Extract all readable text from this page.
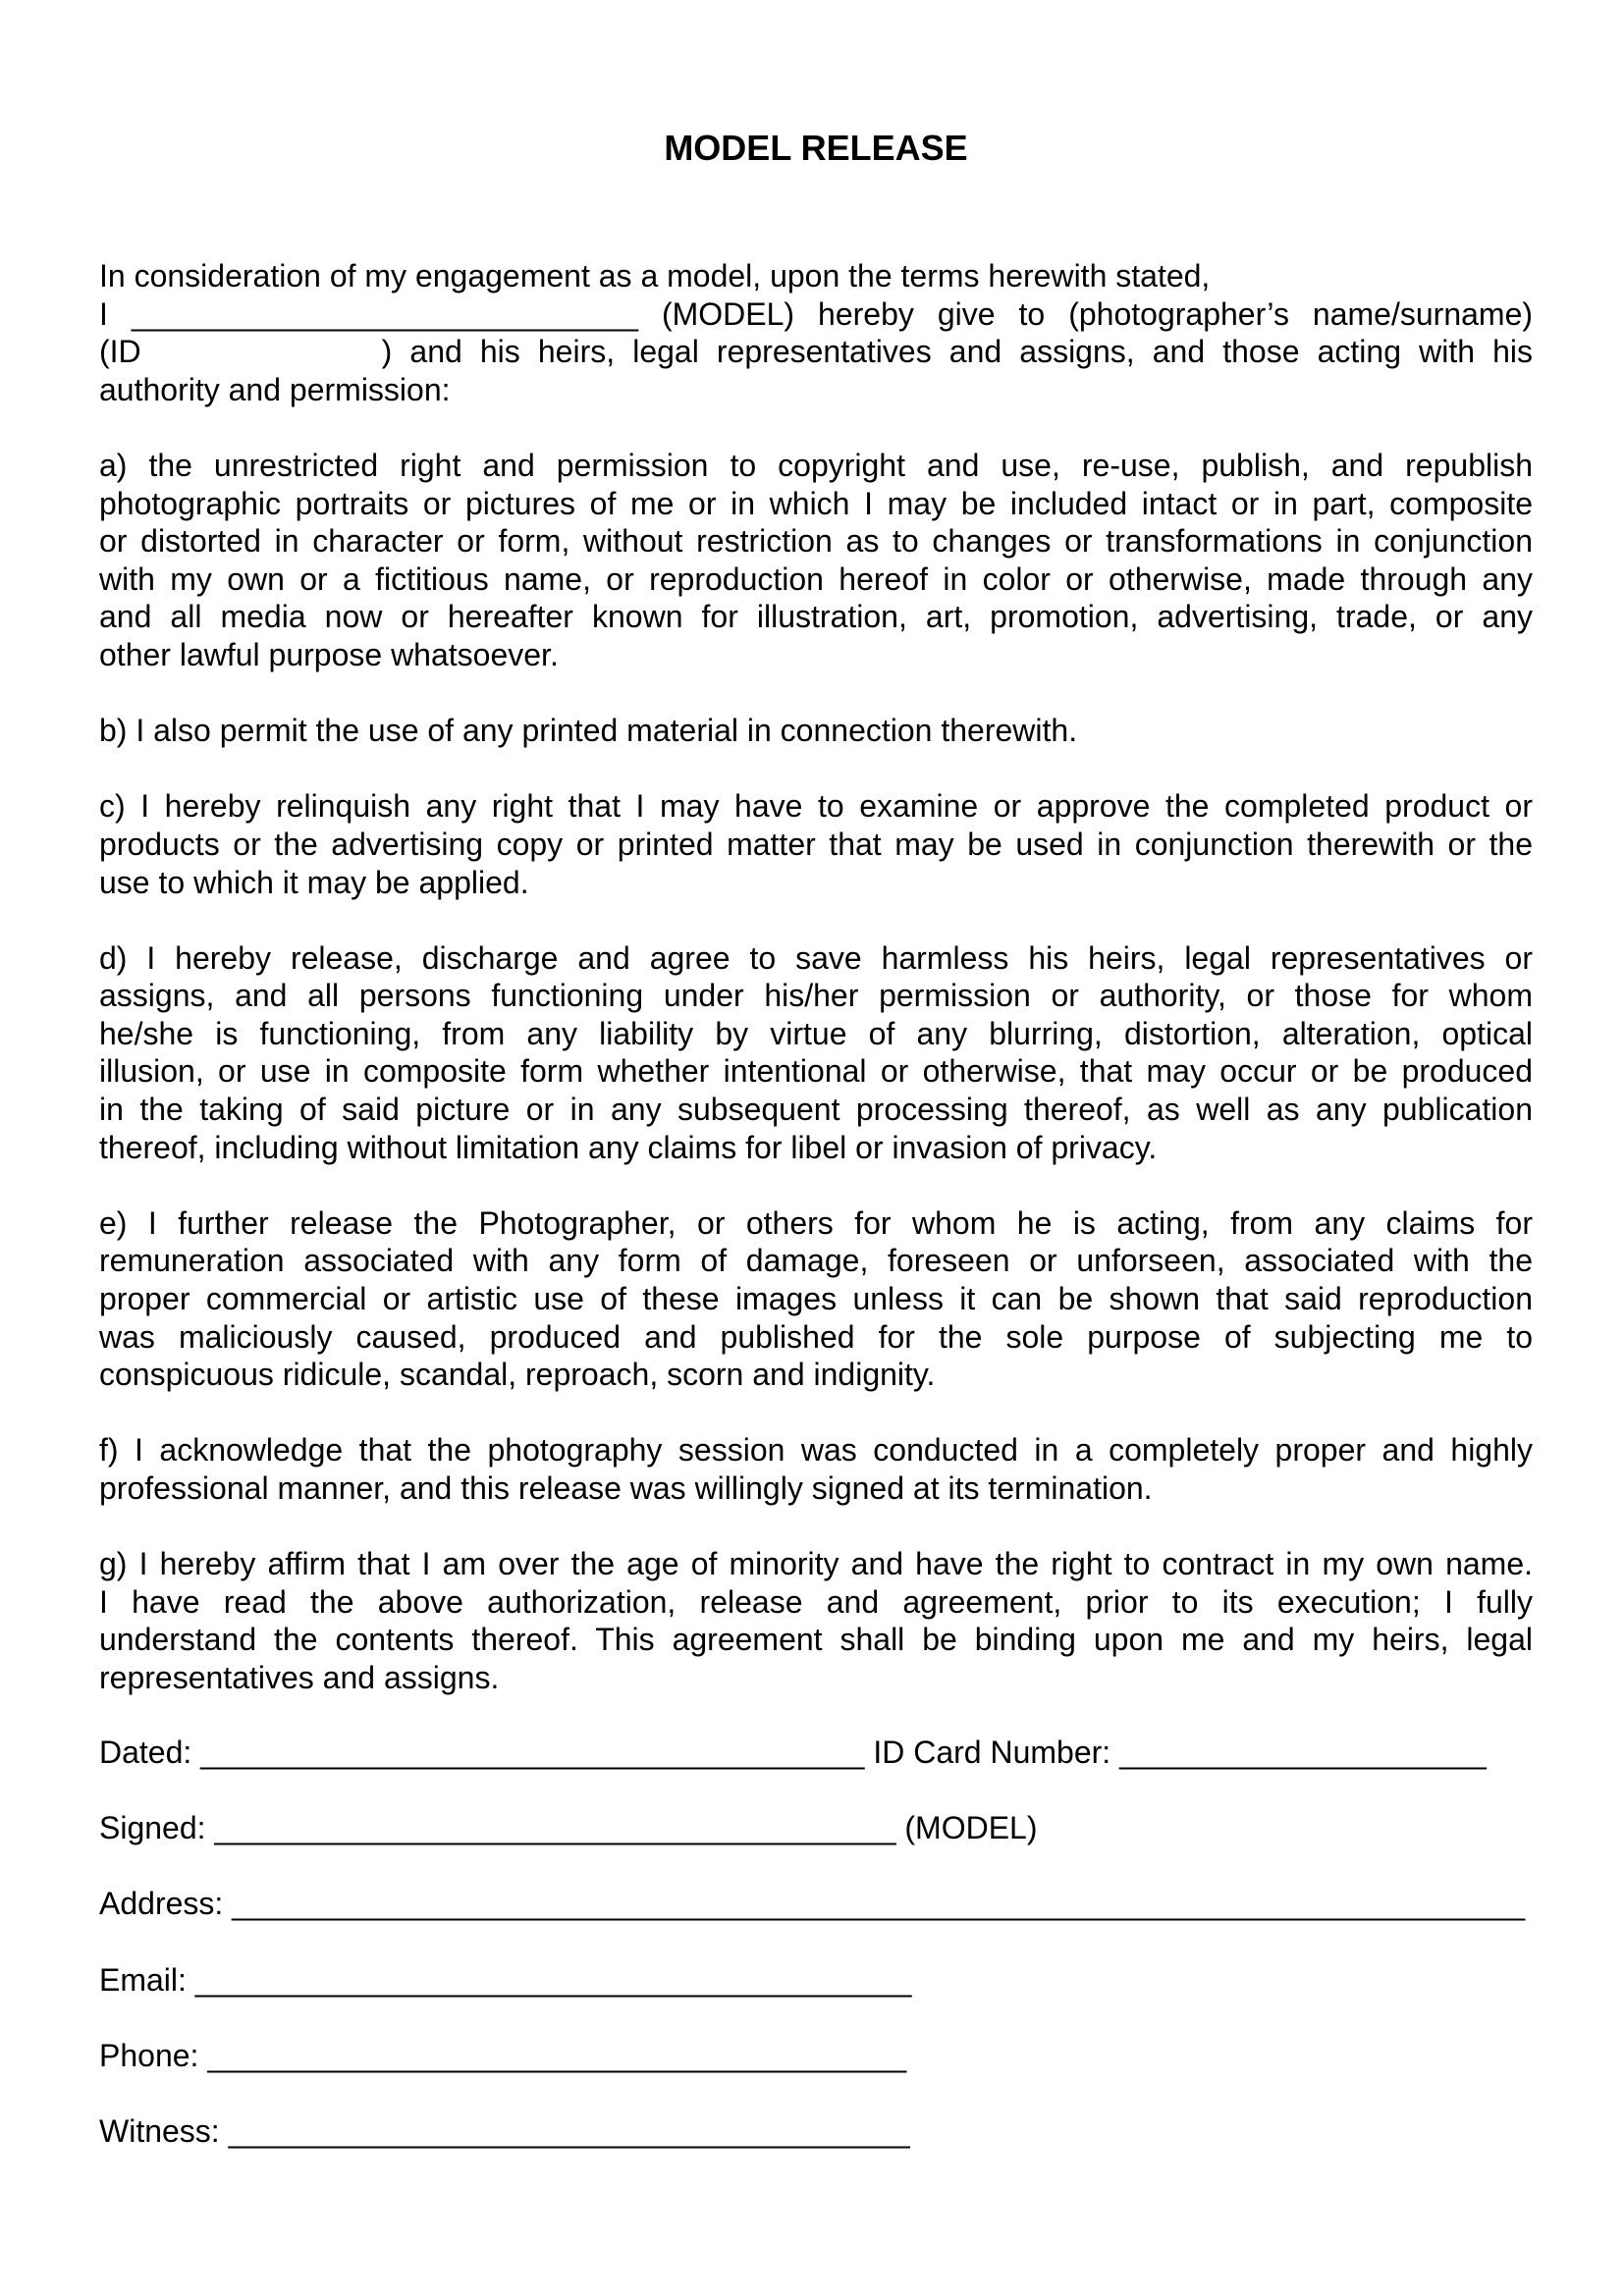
MODEL RELEASE
In consideration of my engagement as a model, upon the terms herewith stated,
I _____________________________ (MODEL) hereby give to (photographer’s name/surname)
(ID	) and his heirs, legal representatives and assigns, and those acting with his
authority and permission:
a) the unrestricted right and permission to copyright and use, re-use, publish, and republish
photographic portraits or pictures of me or in which I may be included intact or in part, composite
or distorted in character or form, without restriction as to changes or transformations in conjunction
with my own or a fictitious name, or reproduction hereof in color or otherwise, made through any
and all media now or hereafter known for illustration, art, promotion, advertising, trade, or any
other lawful purpose whatsoever.
b) I also permit the use of any printed material in connection therewith.
c) I hereby relinquish any right that I may have to examine or approve the completed product or
products or the advertising copy or printed matter that may be used in conjunction therewith or the
use to which it may be applied.
d) I hereby release, discharge and agree to save harmless his heirs, legal representatives or
assigns, and all persons functioning under his/her permission or authority, or those for whom
he/she is functioning, from any liability by virtue of any blurring, distortion, alteration, optical
illusion, or use in composite form whether intentional or otherwise, that may occur or be produced
in the taking of said picture or in any subsequent processing thereof, as well as any publication
thereof, including without limitation any claims for libel or invasion of privacy.
e) I further release the Photographer, or others for whom he is acting, from any claims for
remuneration associated with any form of damage, foreseen or unforseen, associated with the
proper commercial or artistic use of these images unless it can be shown that said reproduction
was maliciously caused, produced and published for the sole purpose of subjecting me to
conspicuous ridicule, scandal, reproach, scorn and indignity.
f) I acknowledge that the photography session was conducted in a completely proper and highly
professional manner, and this release was willingly signed at its termination.
g) I hereby affirm that I am over the age of minority and have the right to contract in my own name.
I have read the above authorization, release and agreement, prior to its execution; I fully
understand the contents thereof. This agreement shall be binding upon me and my heirs, legal
representatives and assigns.
Dated: ______________________________________ ID Card Number: _____________________
Signed: _______________________________________ (MODEL)
Address: __________________________________________________________________________
Email: _________________________________________
Phone: ________________________________________
Witness: _______________________________________
